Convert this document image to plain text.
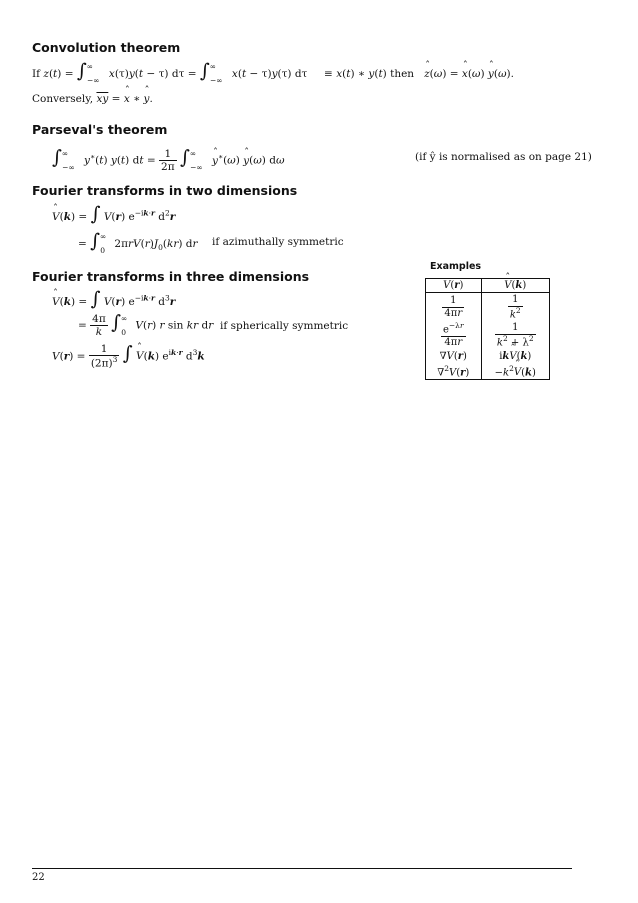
Convolution theorem
If $z(t) = \int^\infty_{-\infty}$ x(τ)y(t − τ) $d\tau = \int^\infty_{-\infty}$ x(t − τ)y(τ) dτ     ≡ x(t) ∗ y(t) then ˆ z(ω) = ˆ x(ω) ˆ y(ω).
Conversely, $\overline{xy}$ = ˆ x ∗ ˆ y.
Parseval's theorem
$\int^\infty_{-\infty}$ y∗(t) y(t) dt = $\frac{1}{2\pi} \int^\infty_{-\infty}$ ˆ y∗(ω) ˆ y(ω) dω	(if ŷ is normalised as on page 21)
Fourier transforms in two dimensions
ˆ V(k) = ∫ V(r) $e^{-ik\cdot r}$ $d^2r$
= $\int^\infty_0$ $2\pi rV(r)J_0(kr)$ dr if azimuthally symmetric
Fourier transforms in three dimensions
ˆ V(k) = ∫ V(r) $e^{-ik\cdot r}$ $d^3r$
= $\frac{4\pi}{k} \int^\infty_0$ V(r) r sin kr dr if spherically symmetric
$V(r) = \frac{1}{(2\pi)^3}$ ∫ ˆ V(k) $e^{ik\cdot r}$ $d^3k$
Examples
V(r)	ˆ V(k)

$\frac{1}{4\pi r}$	$\frac{1}{k^2}$

$\frac{e^{-\lambda r}}{4\pi r}$	$\frac{1}{k^2 + \lambda^2}$

∇V(r)	ikˆ V(k)
∇$^2$V(r)	$-k^2ˆ$ V(k)
22
